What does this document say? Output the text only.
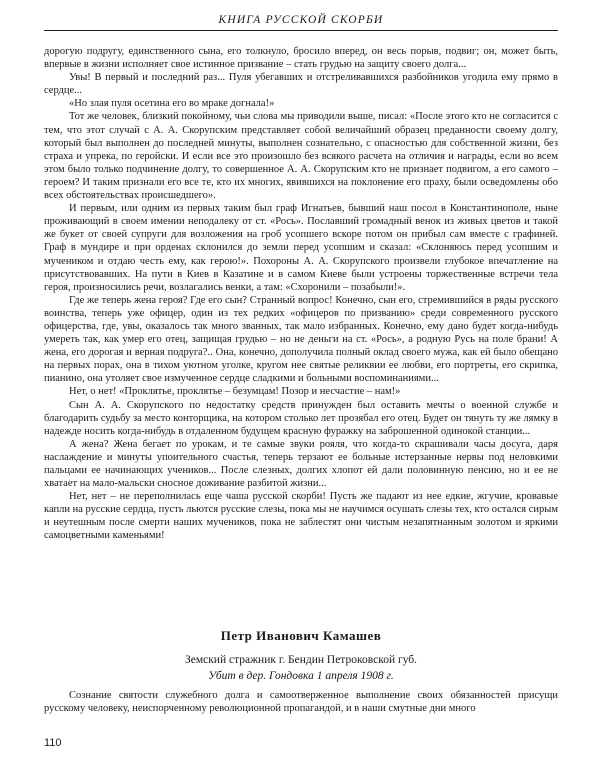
КНИГА РУССКОЙ СКОРБИ

дорогую подругу, единственного сына, его толкнуло, бросило вперед, он весь порыв, подвиг; он, может быть, впервые в жизни исполняет свое истинное призвание – стать грудью на защиту своего долга...

Увы! В первый и последний раз... Пуля убегавших и отстреливавшихся разбойников угодила ему прямо в сердце...

«Но злая пуля осетина его во мраке догнала!»

Тот же человек, близкий покойному, чьи слова мы приводили выше, писал: «После этого кто не согласится с тем, что этот случай с А. А. Скорупским представляет собой величайший образец преданности своему долгу, который был выполнен до последней минуты, выполнен сознательно, с опасностью для собственной жизни, без страха и упрека, по геройски. И если все это произошло без всякого расчета на отличия и награды, если во всем этом было только подчинение долгу, то совершенное А. А. Скорупским кто не признает подвигом, а его самого – героем? И таким признали его все те, кто их многих, явившихся на поклонение его праху, были осведомлены обо всех обстоятельствах происшедшего».

И первым, или одним из первых таким был граф Игнатьев, бывший наш посол в Константинополе, ныне проживающий в своем имении неподалеку от ст. «Рось». Пославший громадный венок из живых цветов и такой же букет от своей супруги для возложения на гроб усопшего вскоре потом он прибыл сам вместе с графиней. Граф в мундире и при орденах склонился до земли перед усопшим и сказал: «Склоняюсь перед усопшим и мучеником и отдаю честь ему, как герою!». Похороны А. А. Скорупского произвели глубокое впечатление на присутствовавших. На пути в Киев в Казатине и в самом Киеве были устроены торжественные встречи тела героя, произносились речи, возлагались венки, а там: «Схоронили – позабыли!».

Где же теперь жена героя? Где его сын? Странный вопрос! Конечно, сын его, стремившийся в ряды русского воинства, теперь уже офицер, один из тех редких «офицеров по призванию» среди современного русского офицерства, где, увы, оказалось так много званных, так мало избранных. Конечно, ему дано будет когда-нибудь умереть так, как умер его отец, защищая грудью – но не деньги на ст. «Рось», а родную Русь на поле брани! А жена, его дорогая и верная подруга?.. Она, конечно, дополучила полный оклад своего мужа, как ей было обещано на первых порах, она в тихом уютном уголке, кругом нее святые реликвии ее любви, его портреты, его скрипка, пианино, она утоляет свое измученное сердце сладкими и больными воспоминаниями...

Нет, о нет! «Проклятье, проклятье – безумцам! Позор и несчастие – нам!»

Сын А. А. Скорупского по недостатку средств принужден был оставить мечты о военной службе и благодарить судьбу за место конторщика, на котором столько лет прозябал его отец. Будет он тянуть ту же лямку в надежде носить когда-нибудь в отдаленном будущем красную фуражку на заброшенной одинокой станции...

А жена? Жена бегает по урокам, и те самые звуки рояля, что когда-то скрашивали часы досуга, даря наслаждение и минуты упоительного счастья, теперь терзают ее больные истерзанные нервы под неловкими пальцами ее начинающих учеников... После слезных, долгих хлопот ей дали половинную пенсию, но и ее не хватает на мало-мальски сносное доживание разбитой жизни...

Нет, нет – не переполнилась еще чаша русской скорби! Пусть же падают из нее едкие, жгучие, кровавые капли на русские сердца, пусть льются русские слезы, пока мы не научимся осушать слезы тех, кто остался сирым и неутешным после смерти наших мучеников, пока не заблестят они чистым незапятнанным золотом и яркими самоцветными каменьями!

Петр Иванович Камашев
Земский стражник г. Бендин Петроковской губ.
Убит в дер. Гондовка 1 апреля 1908 г.

Сознание святости служебного долга и самоотверженное выполнение своих обязанностей присущи русскому человеку, неиспорченному революционной пропагандой, и в наши смутные дни много

110
